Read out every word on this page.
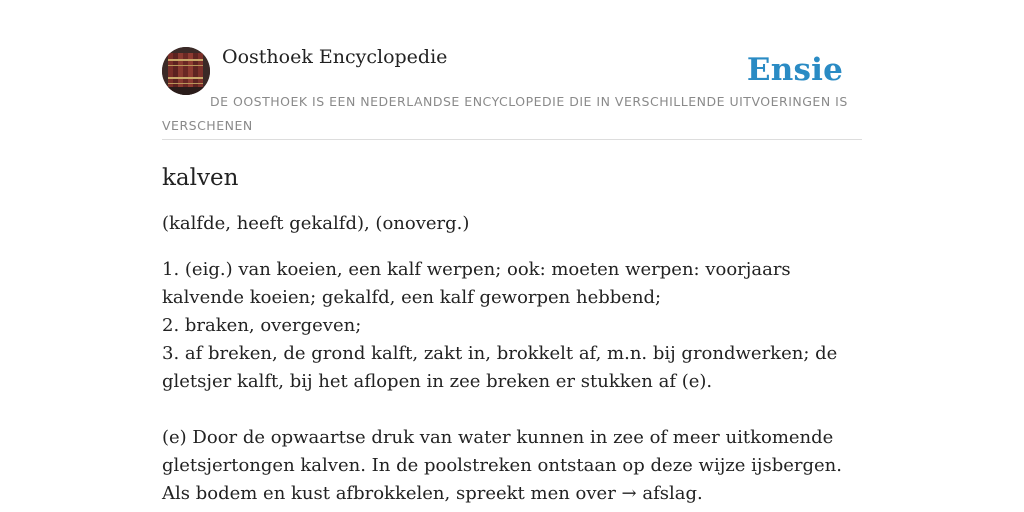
Oosthoek Encyclopedie	Ensie

DE OOSTHOEK IS EEN NEDERLANDSE ENCYCLOPEDIE DIE IN VERSCHILLENDE UITVOERINGEN IS VERSCHENEN

kalven

(kalfde, heeft gekalfd), (onoverg.)

1. (eig.) van koeien, een kalf werpen; ook: moeten werpen: voorjaars kalvende koeien; gekalfd, een kalf geworpen hebbend;
2. braken, overgeven;
3. af breken, de grond kalft, zakt in, brokkelt af, m.n. bij grondwerken; de gletsjer kalft, bij het aflopen in zee breken er stukken af (e).

(e) Door de opwaartse druk van water kunnen in zee of meer uitkomende gletsjertongen kalven. In de poolstreken ontstaan op deze wijze ijsbergen. Als bodem en kust afbrokkelen, spreekt men over → afslag.
